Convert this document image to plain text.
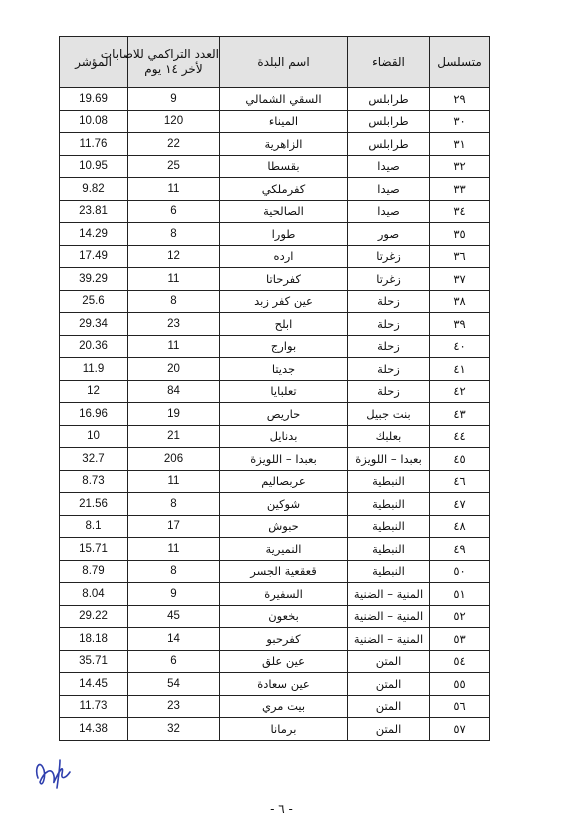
متسلسل	القضاء	اسم البلدة	العدد التراكمي للاصابات
لأخر ١٤ يوم	المؤشر
٢٩	طرابلس	السقي الشمالي	9	19.69
٣٠	طرابلس	الميناء	120	10.08
٣١	طرابلس	الزاهرية	22	11.76
٣٢	صيدا	بقسطا	25	10.95
٣٣	صيدا	كفرملكي	11	9.82
٣٤	صيدا	الصالحية	6	23.81
٣٥	صور	طورا	8	14.29
٣٦	زغرتا	ارده	12	17.49
٣٧	زغرتا	كفرحاتا	11	39.29
٣٨	زحلة	عين كفر زبد	8	25.6
٣٩	زحلة	ابلح	23	29.34
٤٠	زحلة	بوارج	11	20.36
٤١	زحلة	جديتا	20	11.9
٤٢	زحلة	تعلبايا	84	12
٤٣	بنت جبيل	حاريص	19	16.96
٤٤	بعلبك	بدنايل	21	10
٤٥	بعبدا – اللويزة	بعبدا – اللويزة	206	32.7
٤٦	النبطية	عربصاليم	11	8.73
٤٧	النبطية	شوكين	8	21.56
٤٨	النبطية	حبوش	17	8.1
٤٩	النبطية	النميرية	11	15.71
٥٠	النبطية	قعقعية الجسر	8	8.79
٥١	المنية – الضنية	السفيرة	9	8.04
٥٢	المنية – الضنية	بخعون	45	29.22
٥٣	المنية – الضنية	كفرحبو	14	18.18
٥٤	المتن	عين علق	6	35.71
٥٥	المتن	عين سعادة	54	14.45
٥٦	المتن	بيت مري	23	11.73
٥٧	المتن	برمانا	32	14.38
- ٦ -
